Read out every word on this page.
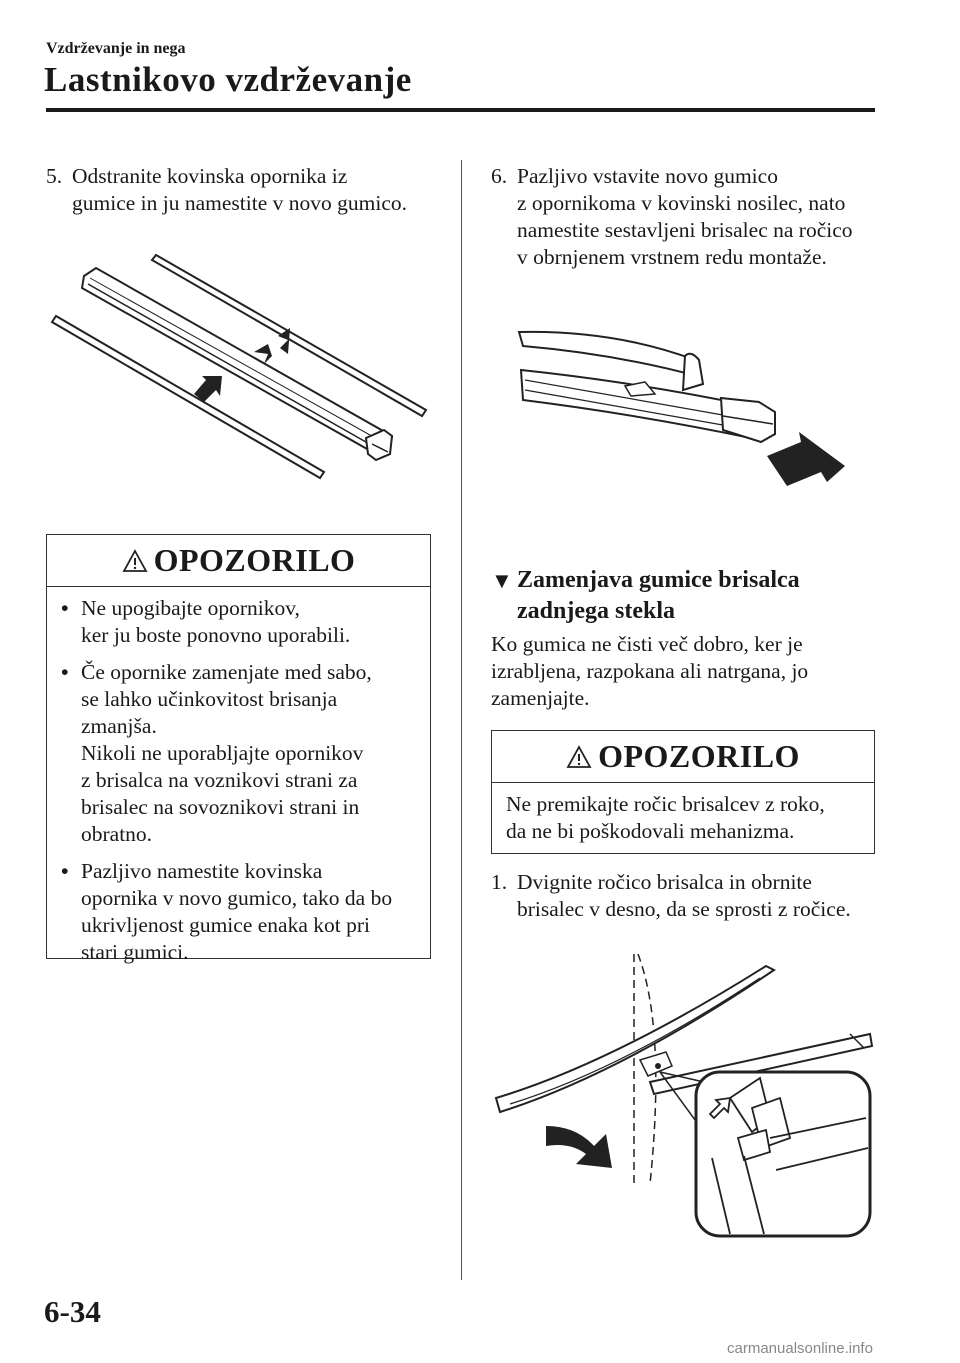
Vzdrževanje in nega
Lastnikovo vzdrževanje
5. Odstranite kovinska opornika iz
gumice in ju namestite v novo gumico.
OPOZORILO
• Ne upogibajte opornikov,
ker ju boste ponovno uporabili.
• Če opornike zamenjate med sabo,
se lahko učinkovitost brisanja
zmanjša.
Nikoli ne uporabljajte opornikov
z brisalca na voznikovi strani za
brisalec na sovoznikovi strani in
obratno.
• Pazljivo namestite kovinska
opornika v novo gumico, tako da bo
ukrivljenost gumice enaka kot pri
stari gumici.
6. Pazljivo vstavite novo gumico
z opornikoma v kovinski nosilec, nato
namestite sestavljeni brisalec na ročico
v obrnjenem vrstnem redu montaže.
▼ Zamenjava gumice brisalca
zadnjega stekla
Ko gumica ne čisti več dobro, ker je
izrabljena, razpokana ali natrgana, jo
zamenjajte.
OPOZORILO
Ne premikajte ročic brisalcev z roko,
da ne bi poškodovali mehanizma.
1. Dvignite ročico brisalca in obrnite
brisalec v desno, da se sprosti z ročice.
6-34
carmanualsonline.info
